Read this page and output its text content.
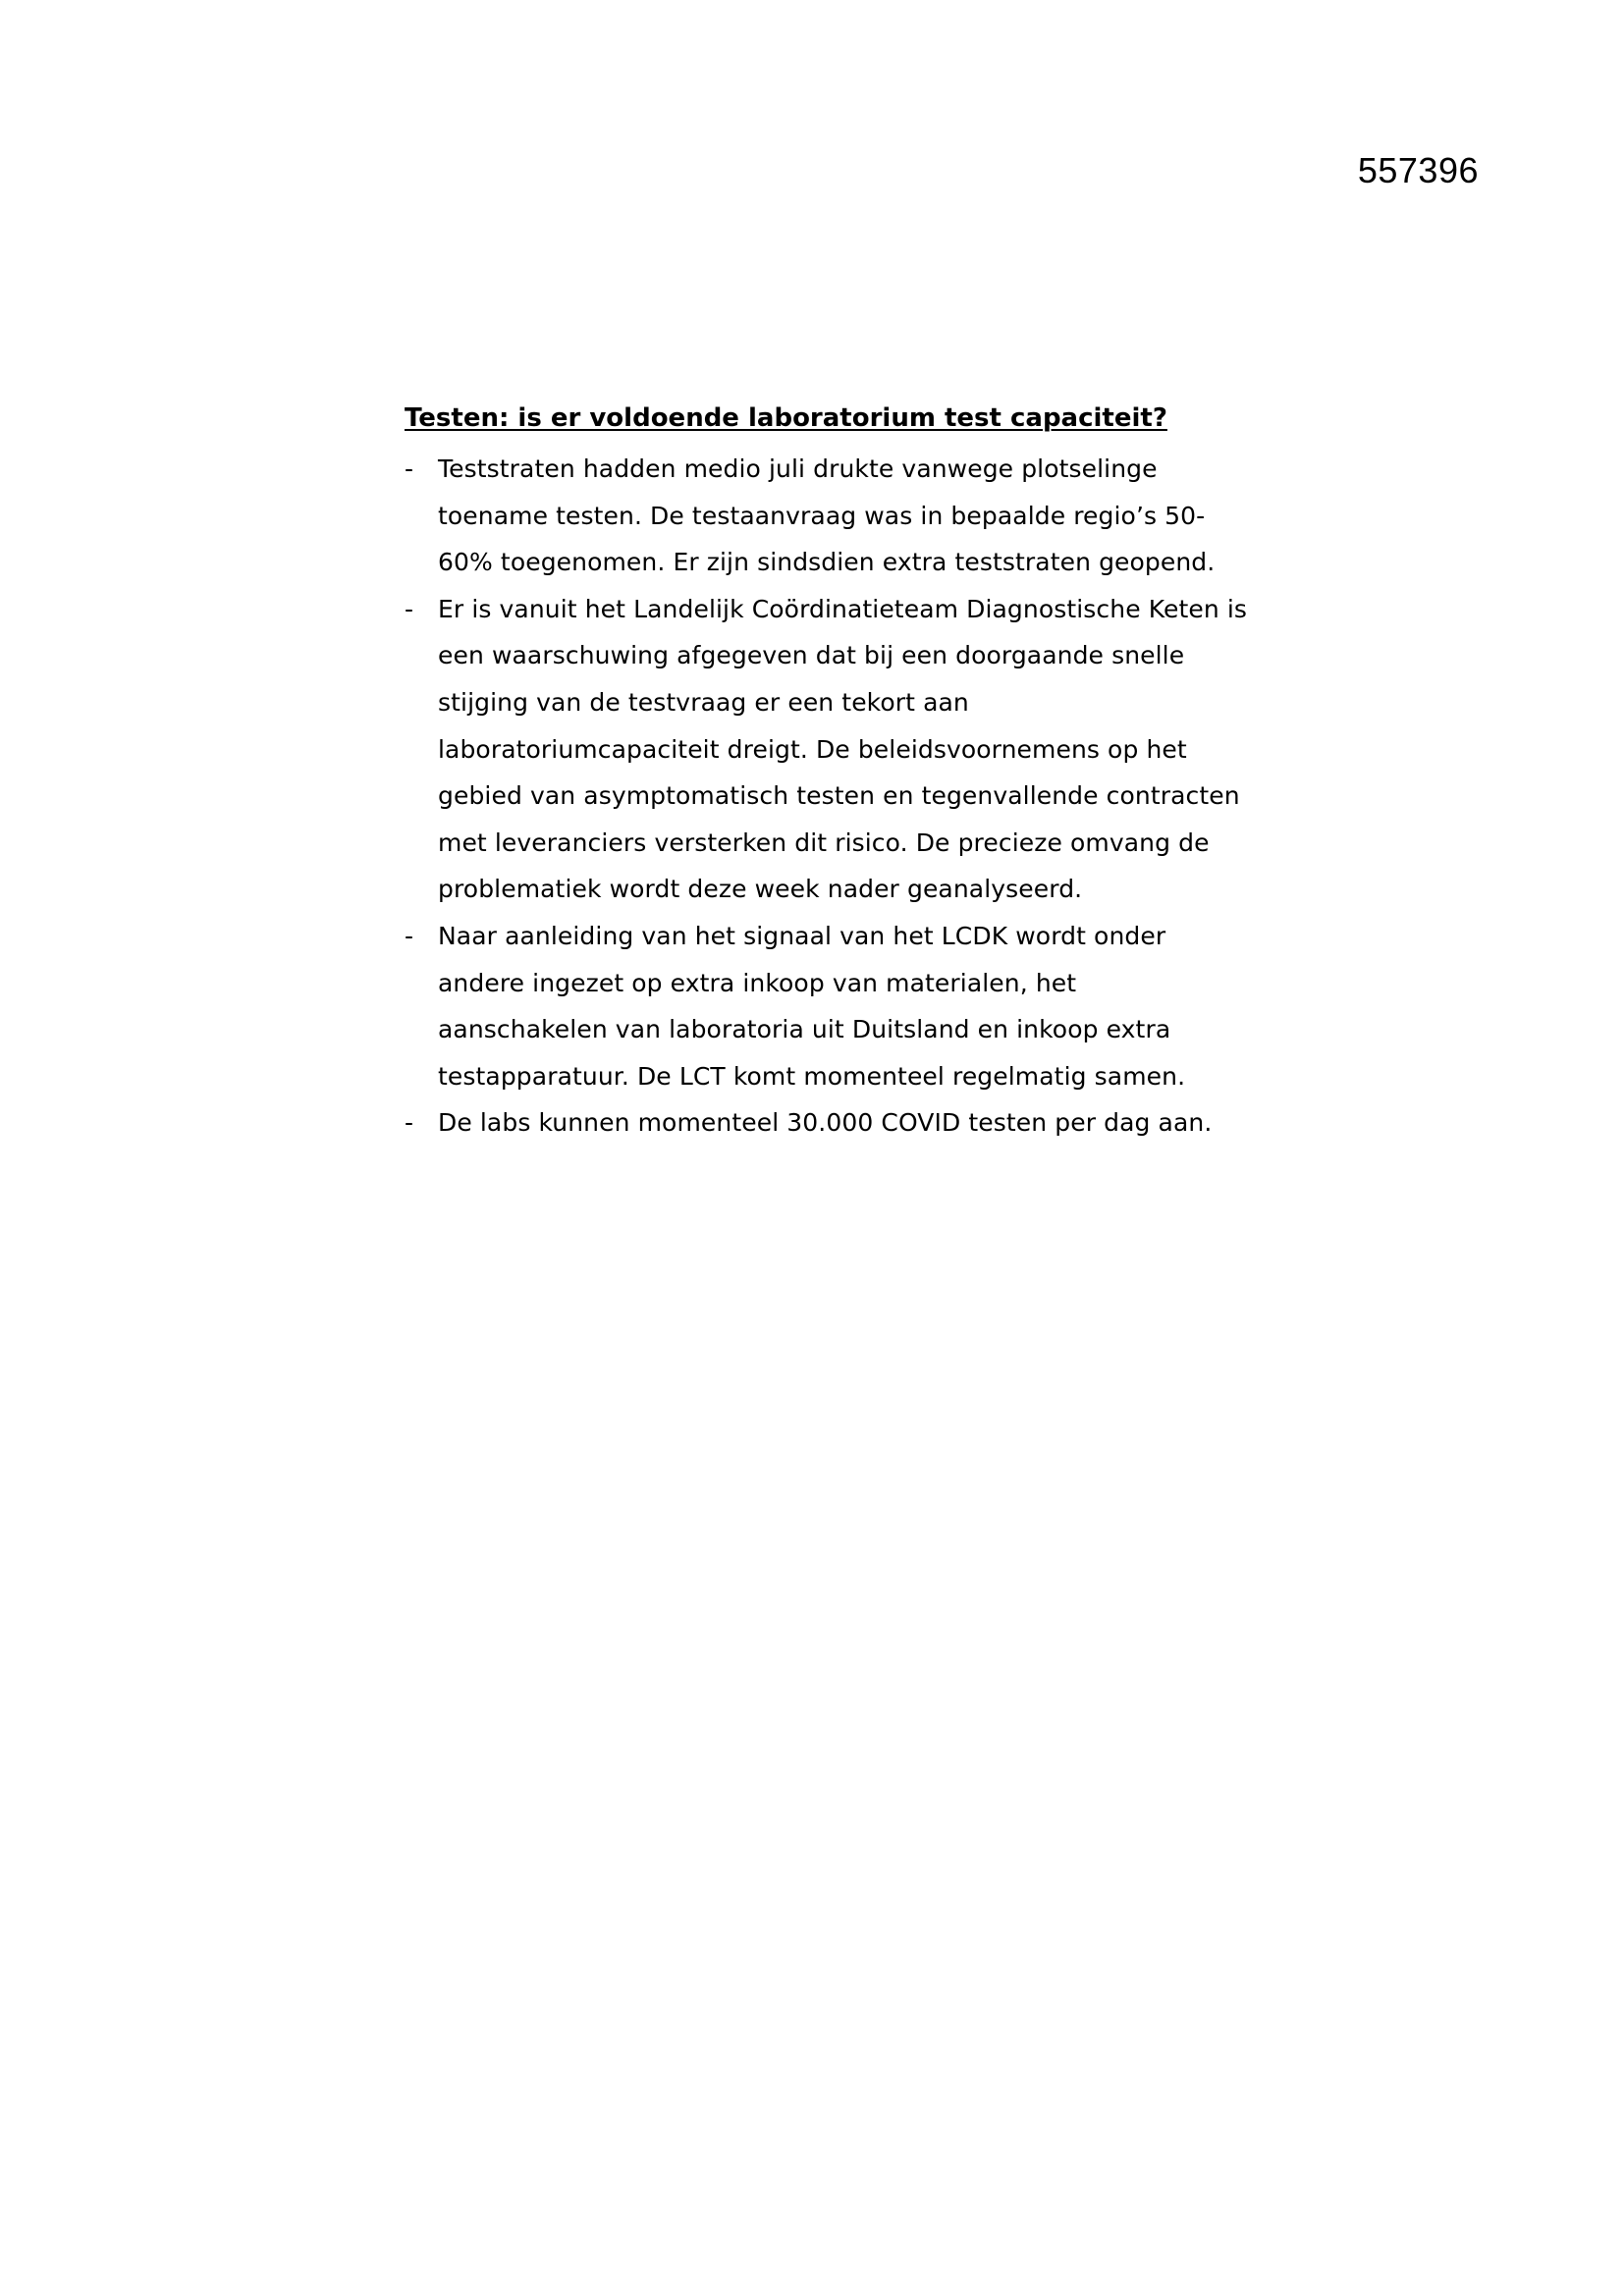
557396
Testen: is er voldoende laboratorium test capaciteit?
- Teststraten hadden medio juli drukte vanwege plotselinge toename testen. De testaanvraag was in bepaalde regio’s 50-60% toegenomen. Er zijn sindsdien extra teststraten geopend.
- Er is vanuit het Landelijk Coördinatieteam Diagnostische Keten is een waarschuwing afgegeven dat bij een doorgaande snelle stijging van de testvraag er een tekort aan laboratoriumcapaciteit dreigt. De beleidsvoornemens op het gebied van asymptomatisch testen en tegenvallende contracten met leveranciers versterken dit risico. De precieze omvang de problematiek wordt deze week nader geanalyseerd.
- Naar aanleiding van het signaal van het LCDK wordt onder andere ingezet op extra inkoop van materialen, het aanschakelen van laboratoria uit Duitsland en inkoop extra testapparatuur. De LCT komt momenteel regelmatig samen.
- De labs kunnen momenteel 30.000 COVID testen per dag aan.
